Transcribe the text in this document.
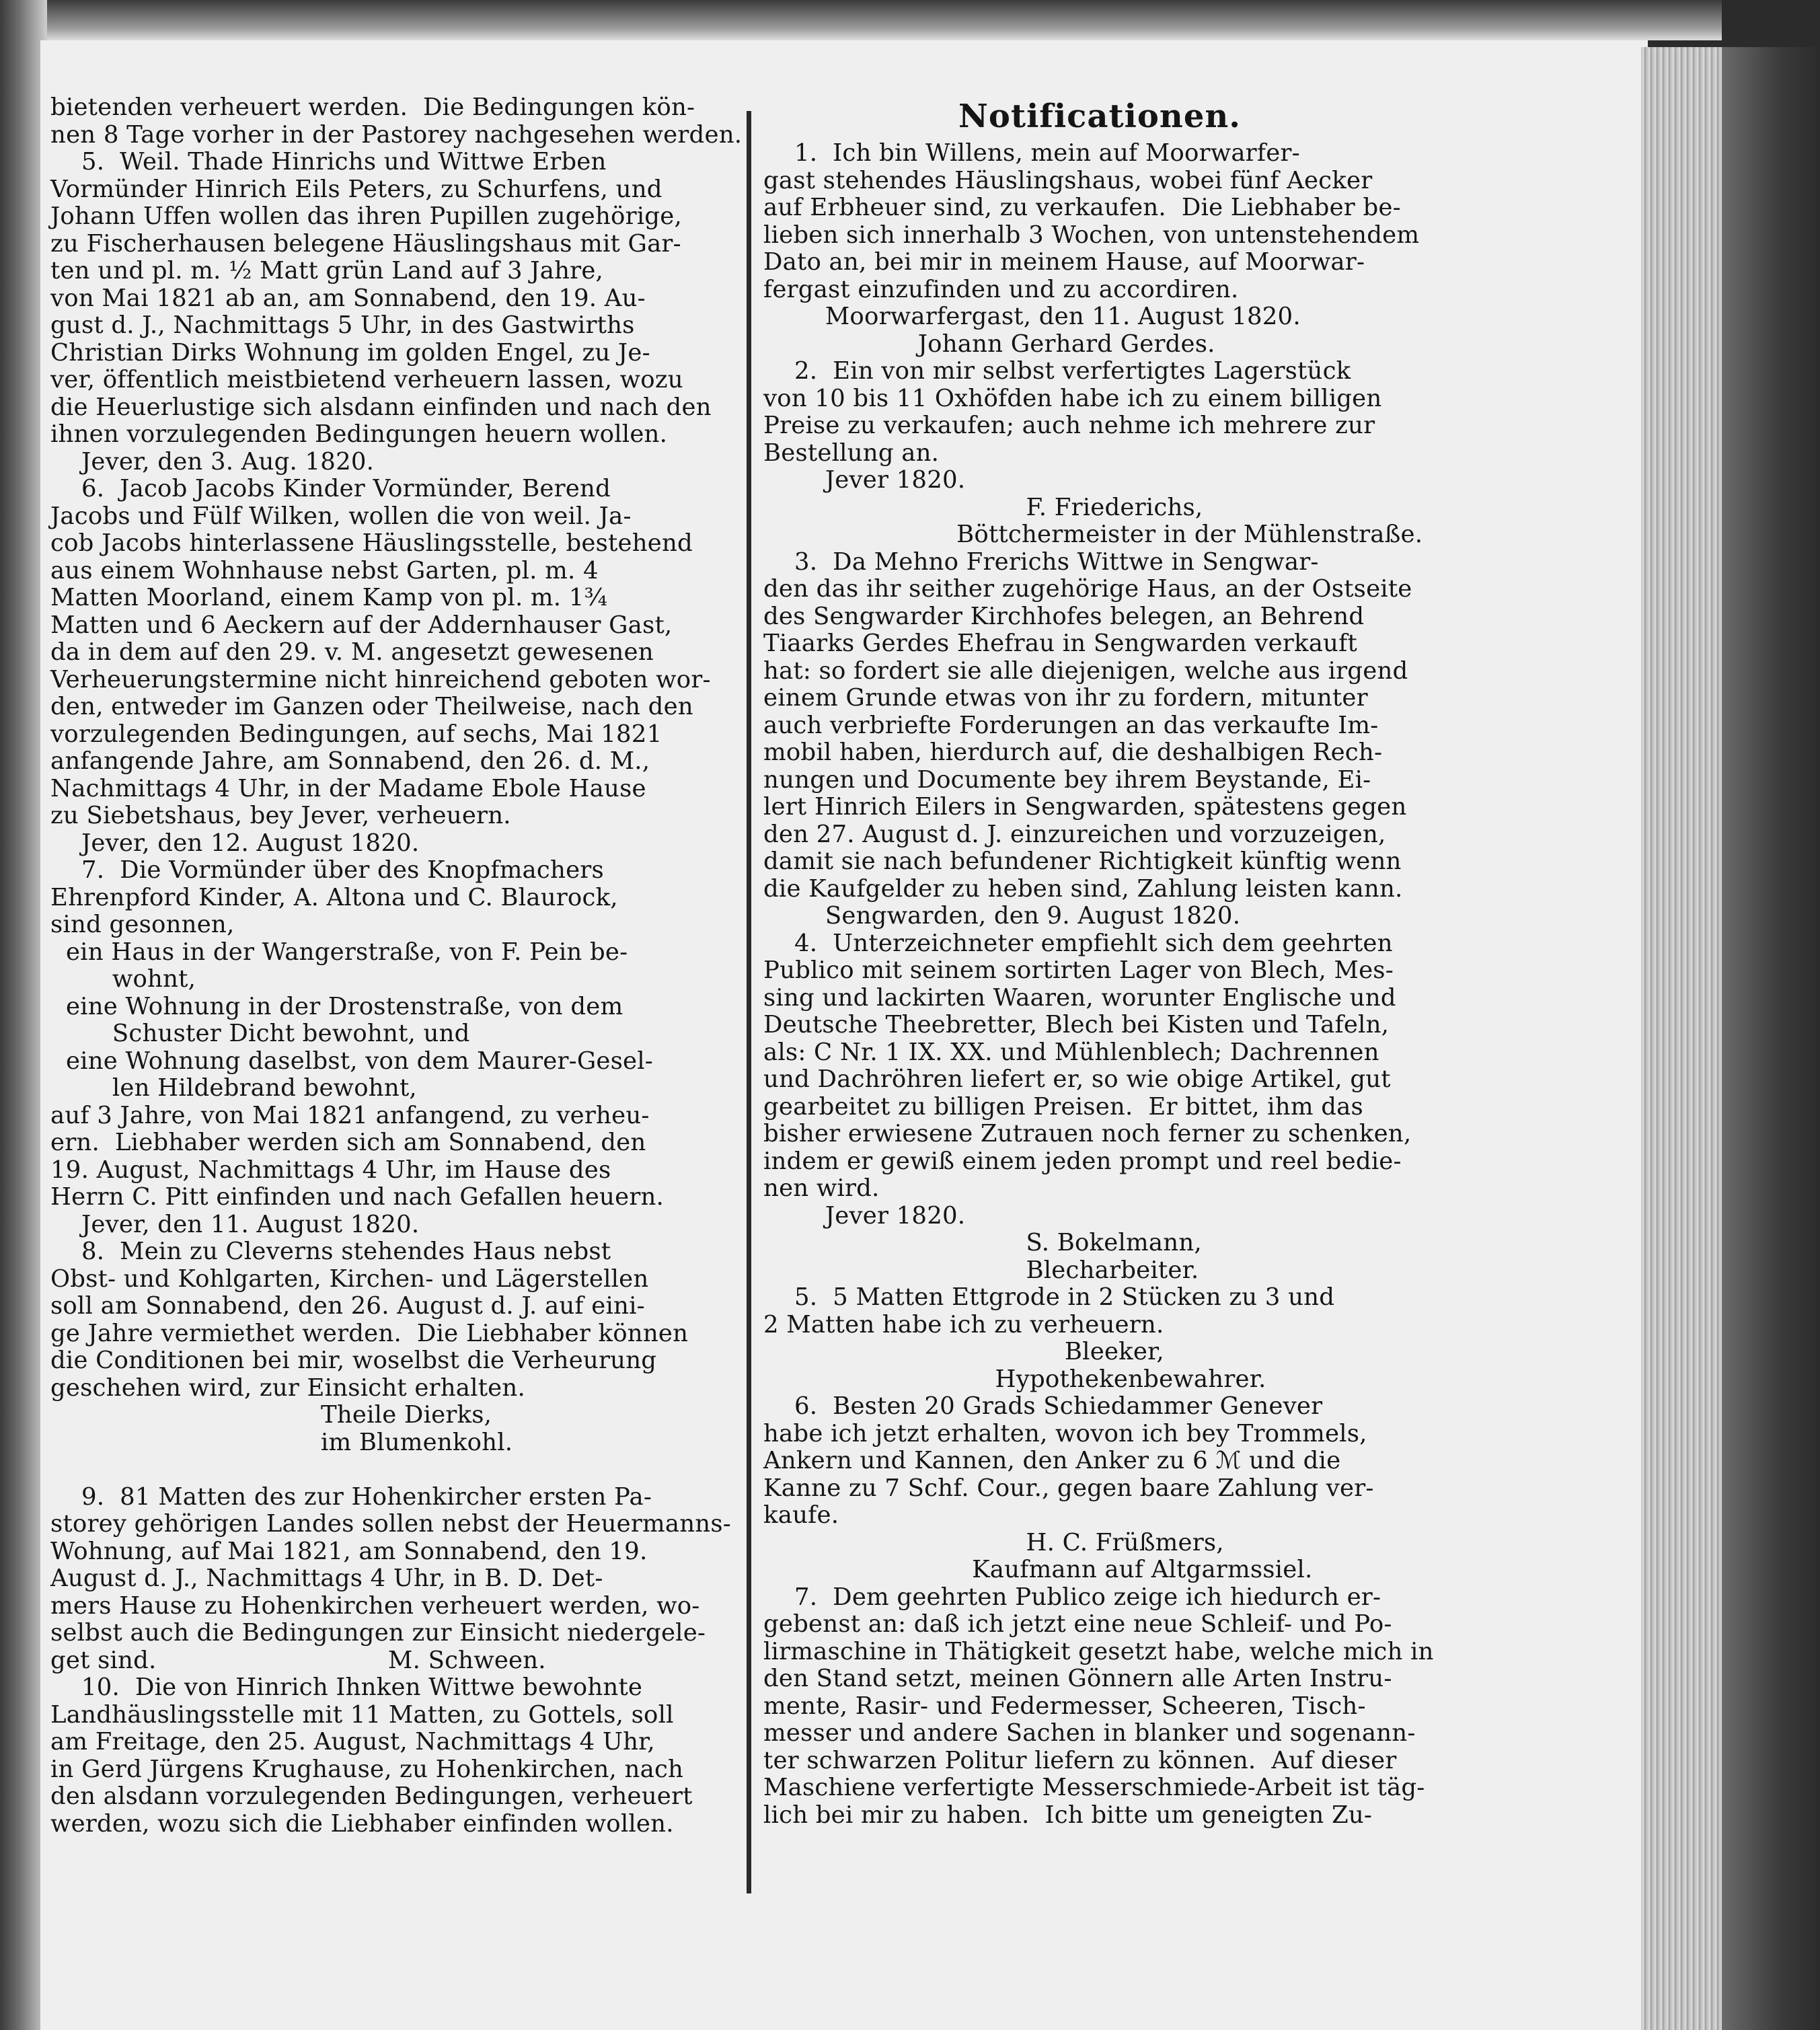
bietenden verheuert werden.  Die Bedingungen kön-
nen 8 Tage vorher in der Pastorey nachgesehen werden.
5.  Weil. Thade Hinrichs und Wittwe Erben
Vormünder Hinrich Eils Peters, zu Schurfens, und
Johann Uffen wollen das ihren Pupillen zugehörige,
zu Fischerhausen belegene Häuslingshaus mit Gar-
ten und pl. m. ½ Matt grün Land auf 3 Jahre,
von Mai 1821 ab an, am Sonnabend, den 19. Au-
gust d. J., Nachmittags 5 Uhr, in des Gastwirths
Christian Dirks Wohnung im golden Engel, zu Je-
ver, öffentlich meistbietend verheuern lassen, wozu
die Heuerlustige sich alsdann einfinden und nach den
ihnen vorzulegenden Bedingungen heuern wollen.
Jever, den 3. Aug. 1820.
6.  Jacob Jacobs Kinder Vormünder, Berend
Jacobs und Fülf Wilken, wollen die von weil. Ja-
cob Jacobs hinterlassene Häuslingsstelle, bestehend
aus einem Wohnhause nebst Garten, pl. m. 4
Matten Moorland, einem Kamp von pl. m. 1¾
Matten und 6 Aeckern auf der Addernhauser Gast,
da in dem auf den 29. v. M. angesetzt gewesenen
Verheuerungstermine nicht hinreichend geboten wor-
den, entweder im Ganzen oder Theilweise, nach den
vorzulegenden Bedingungen, auf sechs, Mai 1821
anfangende Jahre, am Sonnabend, den 26. d. M.,
Nachmittags 4 Uhr, in der Madame Ebole Hause
zu Siebetshaus, bey Jever, verheuern.
Jever, den 12. August 1820.
7.  Die Vormünder über des Knopfmachers
Ehrenpford Kinder, A. Altona und C. Blaurock,
sind gesonnen,
ein Haus in der Wangerstraße, von F. Pein be-
wohnt,
eine Wohnung in der Drostenstraße, von dem
Schuster Dicht bewohnt, und
eine Wohnung daselbst, von dem Maurer-Gesel-
len Hildebrand bewohnt,
auf 3 Jahre, von Mai 1821 anfangend, zu verheu-
ern.  Liebhaber werden sich am Sonnabend, den
19. August, Nachmittags 4 Uhr, im Hause des
Herrn C. Pitt einfinden und nach Gefallen heuern.
Jever, den 11. August 1820.
8.  Mein zu Cleverns stehendes Haus nebst
Obst- und Kohlgarten, Kirchen- und Lägerstellen
soll am Sonnabend, den 26. August d. J. auf eini-
ge Jahre vermiethet werden.  Die Liebhaber können
die Conditionen bei mir, woselbst die Verheurung
geschehen wird, zur Einsicht erhalten.
Theile Dierks,
im Blumenkohl.
9.  81 Matten des zur Hohenkircher ersten Pa-
storey gehörigen Landes sollen nebst der Heuermanns-
Wohnung, auf Mai 1821, am Sonnabend, den 19.
August d. J., Nachmittags 4 Uhr, in B. D. Det-
mers Hause zu Hohenkirchen verheuert werden, wo-
selbst auch die Bedingungen zur Einsicht niedergele-
get sind.                              M. Schween.
10.  Die von Hinrich Ihnken Wittwe bewohnte
Landhäuslingsstelle mit 11 Matten, zu Gottels, soll
am Freitage, den 25. August, Nachmittags 4 Uhr,
in Gerd Jürgens Krughause, zu Hohenkirchen, nach
den alsdann vorzulegenden Bedingungen, verheuert
werden, wozu sich die Liebhaber einfinden wollen.
Notificationen.
1.  Ich bin Willens, mein auf Moorwarfer-
gast stehendes Häuslingshaus, wobei fünf Aecker
auf Erbheuer sind, zu verkaufen.  Die Liebhaber be-
lieben sich innerhalb 3 Wochen, von untenstehendem
Dato an, bei mir in meinem Hause, auf Moorwar-
fergast einzufinden und zu accordiren.
Moorwarfergast, den 11. August 1820.
Johann Gerhard Gerdes.
2.  Ein von mir selbst verfertigtes Lagerstück
von 10 bis 11 Oxhöfden habe ich zu einem billigen
Preise zu verkaufen; auch nehme ich mehrere zur
Bestellung an.
Jever 1820.
F. Friederichs,
Böttchermeister in der Mühlenstraße.
3.  Da Mehno Frerichs Wittwe in Sengwar-
den das ihr seither zugehörige Haus, an der Ostseite
des Sengwarder Kirchhofes belegen, an Behrend
Tiaarks Gerdes Ehefrau in Sengwarden verkauft
hat: so fordert sie alle diejenigen, welche aus irgend
einem Grunde etwas von ihr zu fordern, mitunter
auch verbriefte Forderungen an das verkaufte Im-
mobil haben, hierdurch auf, die deshalbigen Rech-
nungen und Documente bey ihrem Beystande, Ei-
lert Hinrich Eilers in Sengwarden, spätestens gegen
den 27. August d. J. einzureichen und vorzuzeigen,
damit sie nach befundener Richtigkeit künftig wenn
die Kaufgelder zu heben sind, Zahlung leisten kann.
Sengwarden, den 9. August 1820.
4.  Unterzeichneter empfiehlt sich dem geehrten
Publico mit seinem sortirten Lager von Blech, Mes-
sing und lackirten Waaren, worunter Englische und
Deutsche Theebretter, Blech bei Kisten und Tafeln,
als: C Nr. 1 IX. XX. und Mühlenblech; Dachrennen
und Dachröhren liefert er, so wie obige Artikel, gut
gearbeitet zu billigen Preisen.  Er bittet, ihm das
bisher erwiesene Zutrauen noch ferner zu schenken,
indem er gewiß einem jeden prompt und reel bedie-
nen wird.
Jever 1820.
S. Bokelmann,
Blecharbeiter.
5.  5 Matten Ettgrode in 2 Stücken zu 3 und
2 Matten habe ich zu verheuern.
Bleeker,
Hypothekenbewahrer.
6.  Besten 20 Grads Schiedammer Genever
habe ich jetzt erhalten, wovon ich bey Trommels,
Ankern und Kannen, den Anker zu 6 ℳ und die
Kanne zu 7 Schf. Cour., gegen baare Zahlung ver-
kaufe.
H. C. Früßmers,
Kaufmann auf Altgarmssiel.
7.  Dem geehrten Publico zeige ich hiedurch er-
gebenst an: daß ich jetzt eine neue Schleif- und Po-
lirmaschine in Thätigkeit gesetzt habe, welche mich in
den Stand setzt, meinen Gönnern alle Arten Instru-
mente, Rasir- und Federmesser, Scheeren, Tisch-
messer und andere Sachen in blanker und sogenann-
ter schwarzen Politur liefern zu können.  Auf dieser
Maschiene verfertigte Messerschmiede-Arbeit ist täg-
lich bei mir zu haben.  Ich bitte um geneigten Zu-
